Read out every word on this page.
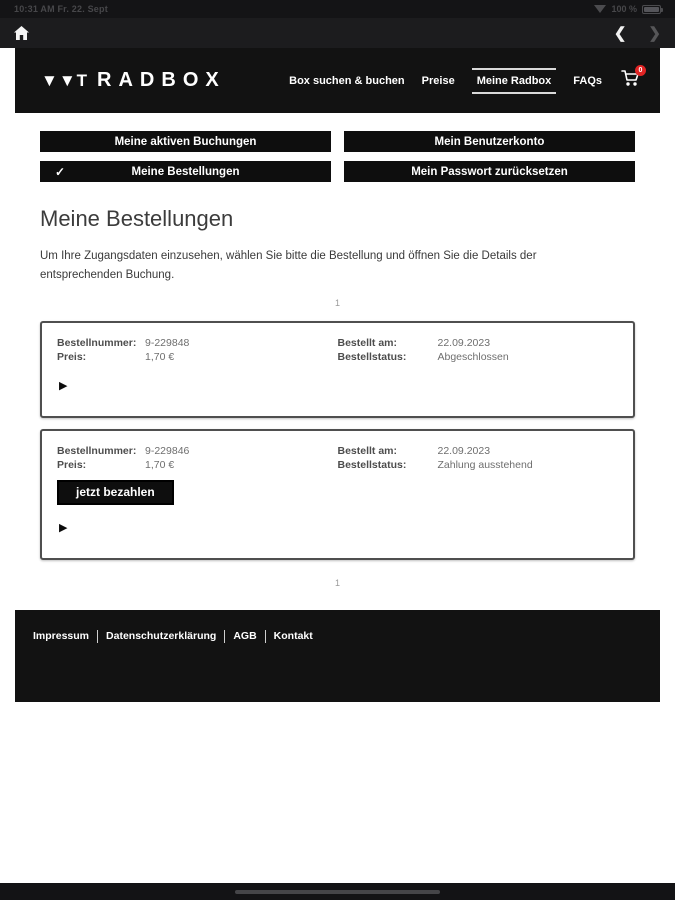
10:31 AM Fr. 22. Sept	100 %
❮ ❯
▼▼T RADBOX	Box suchen & buchen Preise	Meine Radbox	FAQs
0
Meine aktiven Buchungen	Mein Benutzerkonto
✓	Meine Bestellungen	Mein Passwort zurücksetzen
Meine Bestellungen

Um Ihre Zugangsdaten einzusehen, wählen Sie bitte die Bestellung und öffnen Sie die Details der entsprechenden Buchung.

1
Bestellnummer: 9-229848
Preis:	1,70 €
Bestellt am:	22.09.2023
Bestellstatus:	Abgeschlossen
▶
Bestellnummer: 9-229846
Preis:	1,70 €
Bestellt am:	22.09.2023
Bestellstatus:	Zahlung ausstehend
jetzt bezahlen
▶
1
Impressum Datenschutzerklärung AGB Kontakt
